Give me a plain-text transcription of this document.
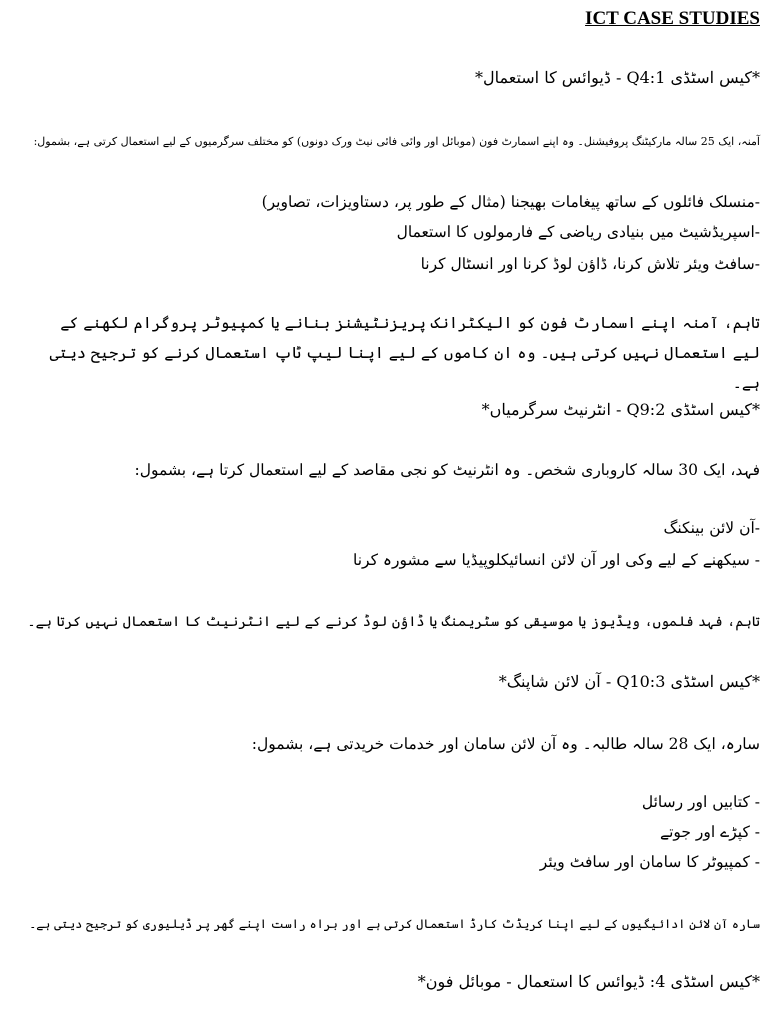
ICT CASE STUDIES
*کیس اسٹڈی Q4:1 - ڈیوائس کا استعمال*
آمنہ، ایک 25 سالہ مارکیٹنگ پروفیشنل۔ وہ اپنے اسمارٹ فون (موبائل اور وائی فائی نیٹ ورک دونوں) کو مختلف سرگرمیوں کے لیے استعمال کرتی ہے، بشمول:
-منسلک فائلوں کے ساتھ پیغامات بھیجنا (مثال کے طور پر، دستاویزات، تصاویر)
-اسپریڈشیٹ میں بنیادی ریاضی کے فارمولوں کا استعمال
-سافٹ ویئر تلاش کرنا، ڈاؤن لوڈ کرنا اور انسٹال کرنا
تاہم، آمنہ اپنے اسمارٹ فون کو الیکٹرانک پریزنٹیشنز بنانے یا کمپیوٹر پروگرام لکھنے کے لیے استعمال نہیں کرتی ہیں۔ وہ ان کاموں کے لیے اپنا لیپ ٹاپ استعمال کرنے کو ترجیح دیتی ہے۔
*کیس اسٹڈی Q9:2 - انٹرنیٹ سرگرمیاں*
فہد، ایک 30 سالہ کاروباری شخص۔ وہ انٹرنیٹ کو نجی مقاصد کے لیے استعمال کرتا ہے، بشمول:
-آن لائن بینکنگ
- سیکھنے کے لیے وکی اور آن لائن انسائیکلوپیڈیا سے مشورہ کرنا
تاہم، فہد فلموں، ویڈیوز یا موسیقی کو سٹریمنگ یا ڈاؤن لوڈ کرنے کے لیے انٹرنیٹ کا استعمال نہیں کرتا ہے۔
*کیس اسٹڈی Q10:3 - آن لائن شاپنگ*
سارہ، ایک 28 سالہ طالبہ۔ وہ آن لائن سامان اور خدمات خریدتی ہے، بشمول:
- کتابیں اور رسائل
- کپڑے اور جوتے
- کمپیوٹر کا سامان اور سافٹ ویئر
سارہ آن لائن ادائیگیوں کے لیے اپنا کریڈٹ کارڈ استعمال کرتی ہے اور براہ راست اپنے گھر پر ڈیلیوری کو ترجیح دیتی ہے۔
*کیس اسٹڈی 4: ڈیوائس کا استعمال - موبائل فون*
